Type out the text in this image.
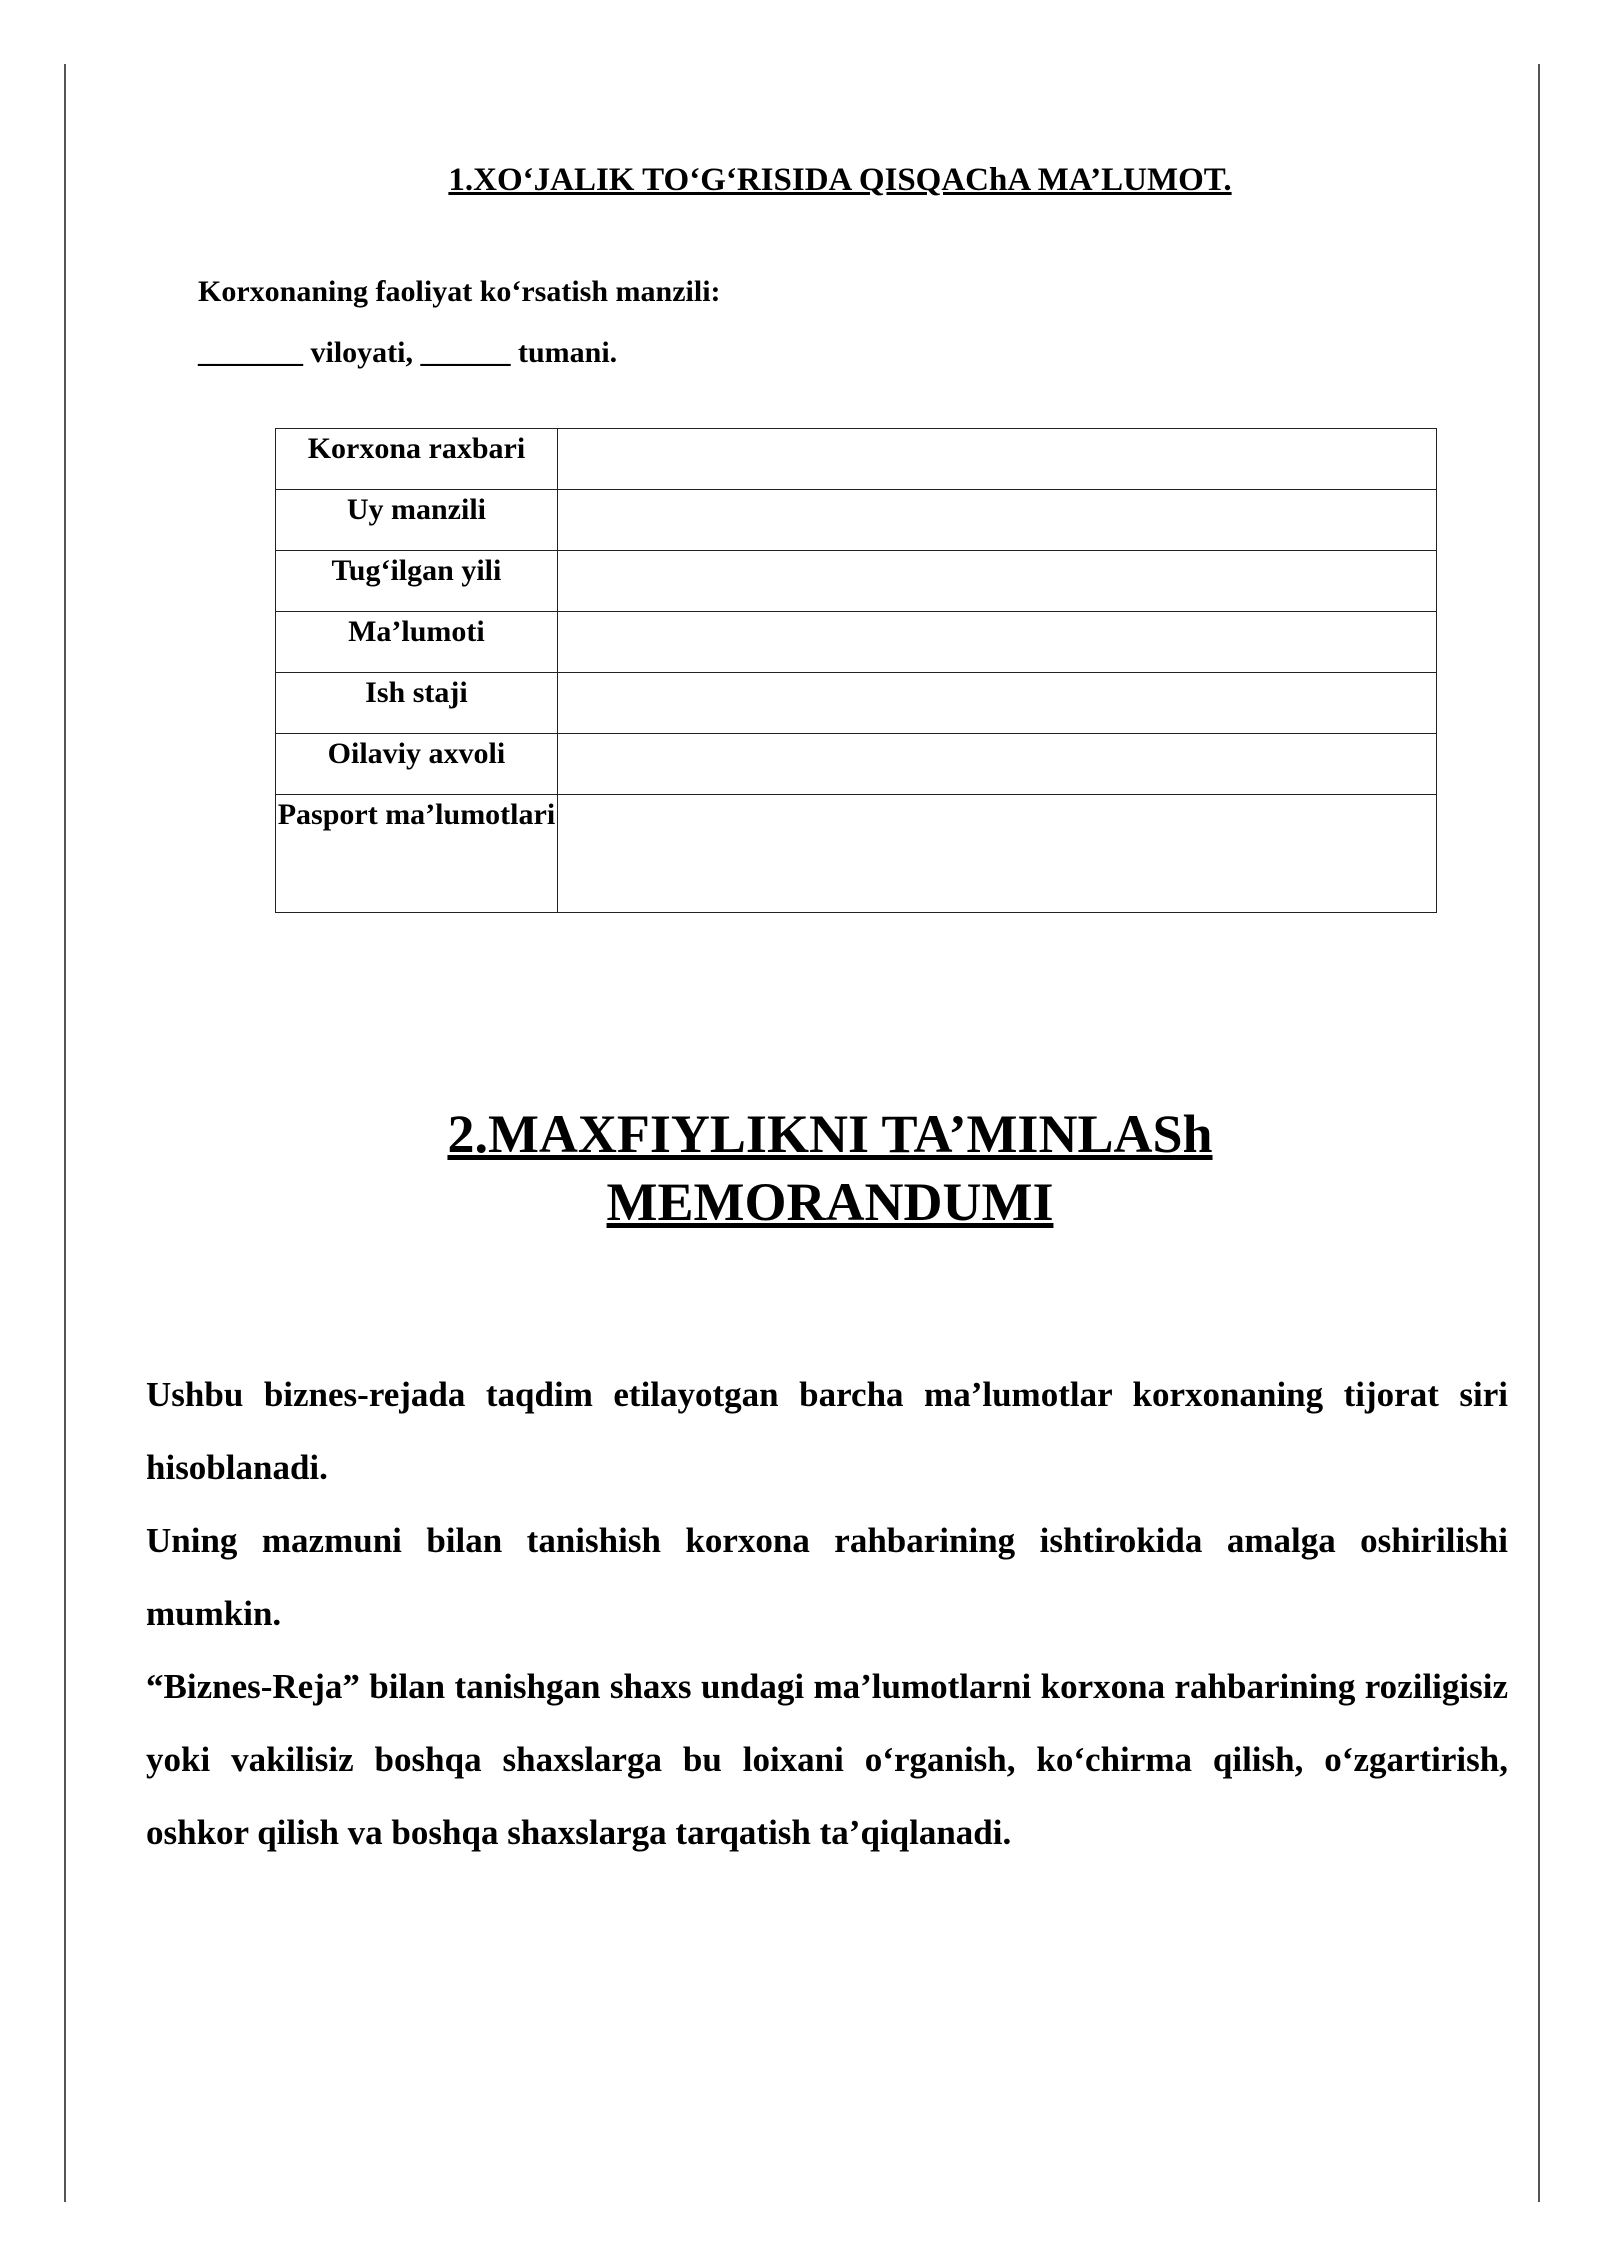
1.XO‘JALIK TO‘G‘RISIDA QISQAChA MA’LUMOT.
Korxonaning faoliyat ko‘rsatish manzili:
_______ viloyati, ______ tumani.
Korxona raxbari	
Uy manzili	
Tug‘ilgan yili	
Ma’lumoti	
Ish staji	
Oilaviy axvoli	
Pasport ma’lumotlari	
2.MAXFIYLIKNI TA’MINLASh
MEMORANDUMI

Ushbu biznes-rejada taqdim etilayotgan barcha ma’lumotlar korxonaning tijorat siri hisoblanadi.

Uning mazmuni bilan tanishish korxona rahbarining ishtirokida amalga oshirilishi mumkin.

“Biznes-Reja” bilan tanishgan shaxs undagi ma’lumotlarni korxona rahbarining roziligisiz yoki vakilisiz boshqa shaxslarga bu loixani o‘rganish, ko‘chirma qilish, o‘zgartirish, oshkor qilish va boshqa shaxslarga tarqatish ta’qiqlanadi.
